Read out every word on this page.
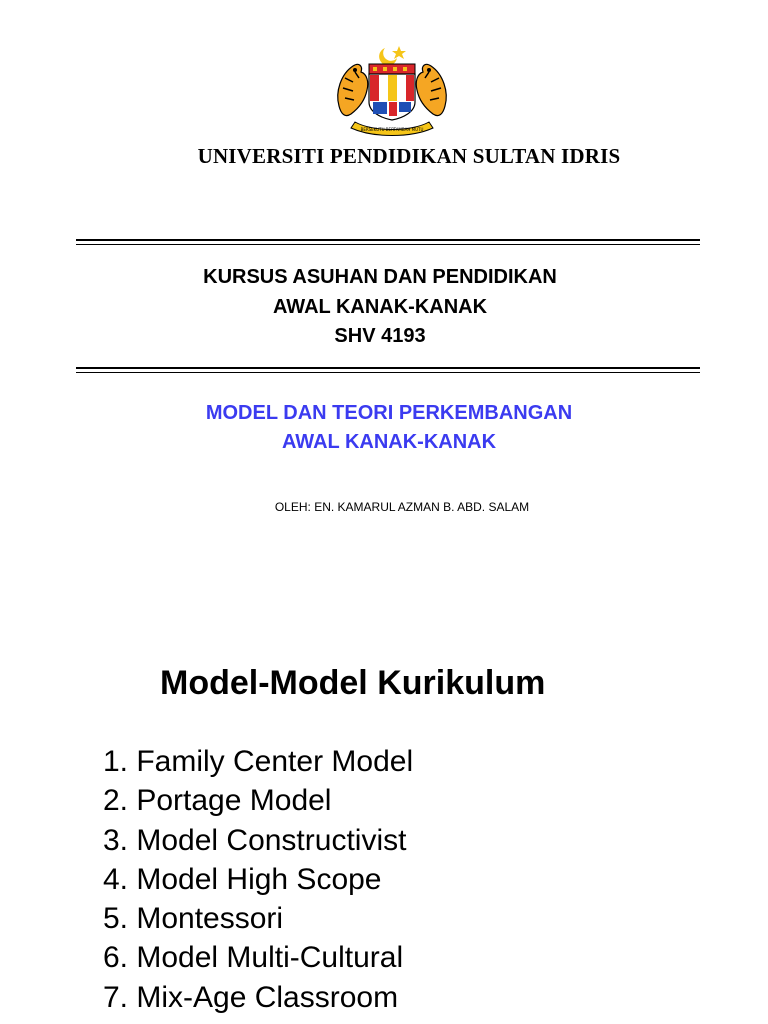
BERSEKUTU BERTAMBAH MUTU
UNIVERSITI PENDIDIKAN SULTAN IDRIS
KURSUS ASUHAN DAN PENDIDIKAN
AWAL KANAK-KANAK
SHV 4193
MODEL DAN TEORI PERKEMBANGAN
AWAL KANAK-KANAK
OLEH: EN. KAMARUL AZMAN B. ABD. SALAM
Model-Model Kurikulum
1. Family Center Model
2. Portage Model
3. Model Constructivist
4. Model High Scope
5. Montessori
6. Model Multi-Cultural
7. Mix-Age Classroom
